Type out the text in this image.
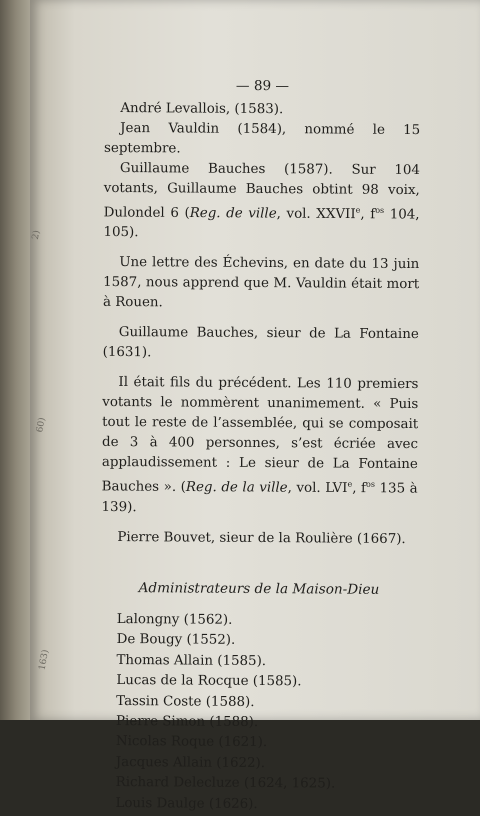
2)
60)
163)
— 89 —

André Levallois, (1583).

Jean Vauldin (1584), nommé le 15 septembre.

Guillaume Bauches (1587). Sur 104 votants, Guillaume Bauches obtint 98 voix, Dulondel 6 (Reg. de ville, vol. XXVIIe, $f^{os}$ 104, 105).

Une lettre des Échevins, en date du 13 juin 1587, nous apprend que M. Vauldin était mort à Rouen.

Guillaume Bauches, sieur de La Fontaine (1631).

Il était fils du précédent. Les 110 premiers votants le nommèrent unanimement. « Puis tout le reste de l’assemblée, qui se composait de 3 à 400 personnes, s’est écriée avec applaudissement : Le sieur de La Fontaine Bauches ». (Reg. de la ville, vol. LVIe, $f^{os}$ 135 à 139).

Pierre Bouvet, sieur de la Roulière (1667).

Administrateurs de la Maison-Dieu
Lalongny (1562).
De Bougy (1552).
Thomas Allain (1585).
Lucas de la Rocque (1585).
Tassin Coste (1588).
Pierre Simon (1588).
Nicolas Roque (1621).
Jacques Allain (1622).
Richard Delecluze (1624, 1625).
Louis Daulge (1626).
